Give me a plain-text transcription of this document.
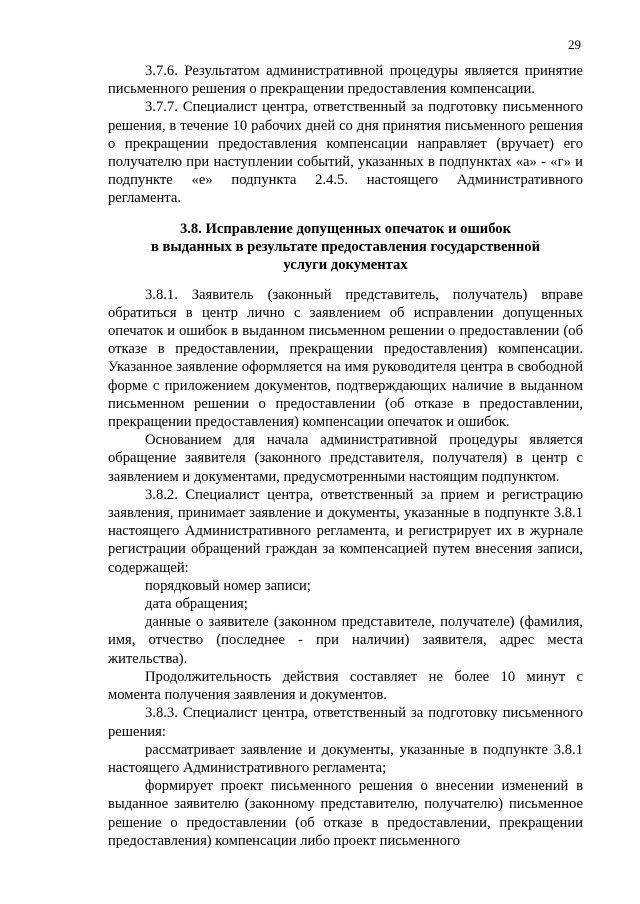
29

3.7.6. Результатом административной процедуры является принятие письменного решения о прекращении предоставления компенсации.

3.7.7. Специалист центра, ответственный за подготовку письменного решения, в течение 10 рабочих дней со дня принятия письменного решения о прекращении предоставления компенсации направляет (вручает) его получателю при наступлении событий, указанных в подпунктах «а» - «г» и подпункте «е» подпункта 2.4.5. настоящего Административного регламента.

3.8. Исправление допущенных опечаток и ошибок
в выданных в результате предоставления государственной
услуги документах

3.8.1. Заявитель (законный представитель, получатель) вправе обратиться в центр лично с заявлением об исправлении допущенных опечаток и ошибок в выданном письменном решении о предоставлении (об отказе в предоставлении, прекращении предоставления) компенсации. Указанное заявление оформляется на имя руководителя центра в свободной форме с приложением документов, подтверждающих наличие в выданном письменном решении о предоставлении (об отказе в предоставлении, прекращении предоставления) компенсации опечаток и ошибок.

Основанием для начала административной процедуры является обращение заявителя (законного представителя, получателя) в центр с заявлением и документами, предусмотренными настоящим подпунктом.

3.8.2. Специалист центра, ответственный за прием и регистрацию заявления, принимает заявление и документы, указанные в подпункте 3.8.1 настоящего Административного регламента, и регистрирует их в журнале регистрации обращений граждан за компенсацией путем внесения записи, содержащей:

порядковый номер записи;

дата обращения;

данные о заявителе (законном представителе, получателе) (фамилия, имя, отчество (последнее - при наличии) заявителя, адрес места жительства).

Продолжительность действия составляет не более 10 минут с момента получения заявления и документов.

3.8.3. Специалист центра, ответственный за подготовку письменного решения:

рассматривает заявление и документы, указанные в подпункте 3.8.1 настоящего Административного регламента;

формирует проект письменного решения о внесении изменений в выданное заявителю (законному представителю, получателю) письменное решение о предоставлении (об отказе в предоставлении, прекращении предоставления) компенсации либо проект письменного
